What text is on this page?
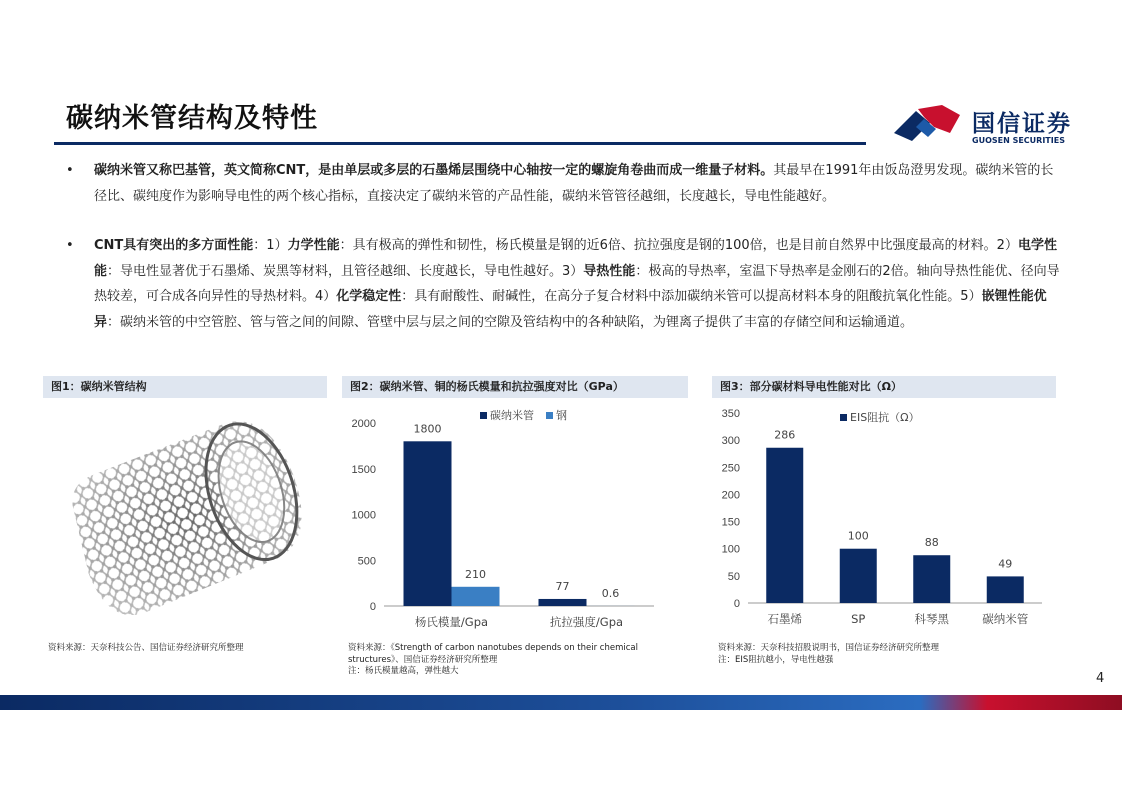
碳纳米管结构及特性	国信证券
GUOSEN SECURITIES
• 碳纳米管又称巴基管，英文简称CNT，是由单层或多层的石墨烯层围绕中心轴按一定的螺旋角卷曲而成一维量子材料。其最早在1991年由饭岛澄男发现。碳纳米管的长径比、碳纯度作为影响导电性的两个核心指标，直接决定了碳纳米管的产品性能，碳纳米管管径越细，长度越长，导电性能越好。
• CNT具有突出的多方面性能：1）力学性能：具有极高的弹性和韧性，杨氏模量是钢的近6倍、抗拉强度是钢的100倍，也是目前自然界中比强度最高的材料。2）电学性能：导电性显著优于石墨烯、炭黑等材料，且管径越细、长度越长，导电性越好。3）导热性能：极高的导热率，室温下导热率是金刚石的2倍。轴向导热性能优、径向导热较差，可合成各向异性的导热材料。4）化学稳定性：具有耐酸性、耐碱性，在高分子复合材料中添加碳纳米管可以提高材料本身的阻酸抗氧化性能。5）嵌锂性能优异：碳纳米管的中空管腔、管与管之间的间隙、管壁中层与层之间的空隙及管结构中的各种缺陷，为锂离子提供了丰富的存储空间和运输通道。
图1：碳纳米管结构
资料来源：天奈科技公告、国信证券经济研究所整理
图2：碳纳米管、铜的杨氏模量和抗拉强度对比（GPa）
0
500
1000
1500
2000
杨氏模量/Gpa
1800
210
抗拉强度/Gpa
77
0.6
碳纳米管 钢
资料来源：《Strength of carbon nanotubes depends on their chemical
structures》、国信证券经济研究所整理
注：杨氏模量越高，弹性越大
图3：部分碳材料导电性能对比（Ω）
0
50
100
150
200
250
300
350
石墨烯
286
SP
100
科琴黑
88
碳纳米管
49
EIS阻抗（Ω）
资料来源：天奈科技招股说明书，国信证券经济研究所整理
注：EIS阻抗越小，导电性越强
4
